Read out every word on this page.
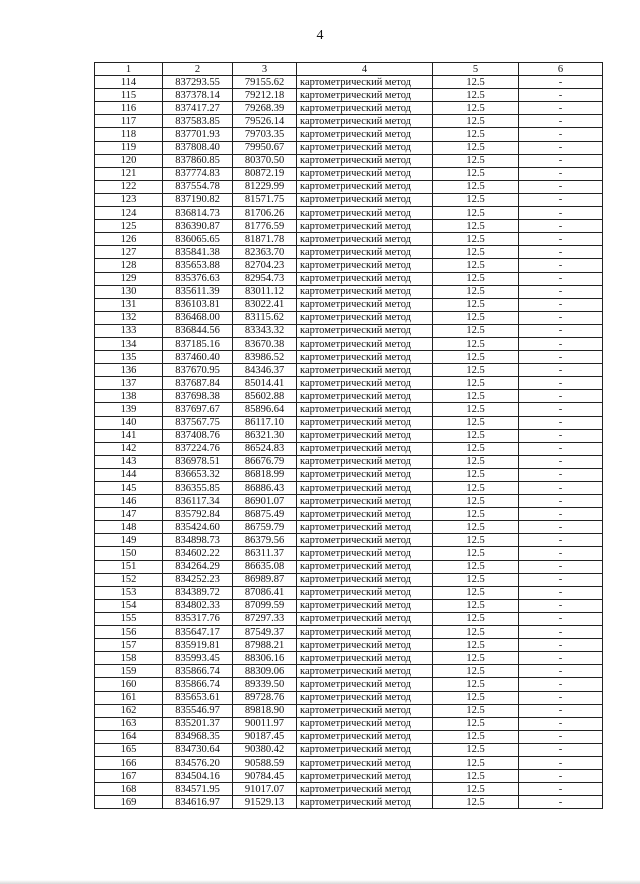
4
1	2	3	4	5	6
114	837293.55	79155.62	картометрический метод	12.5	-
115	837378.14	79212.18	картометрический метод	12.5	-
116	837417.27	79268.39	картометрический метод	12.5	-
117	837583.85	79526.14	картометрический метод	12.5	-
118	837701.93	79703.35	картометрический метод	12.5	-
119	837808.40	79950.67	картометрический метод	12.5	-
120	837860.85	80370.50	картометрический метод	12.5	-
121	837774.83	80872.19	картометрический метод	12.5	-
122	837554.78	81229.99	картометрический метод	12.5	-
123	837190.82	81571.75	картометрический метод	12.5	-
124	836814.73	81706.26	картометрический метод	12.5	-
125	836390.87	81776.59	картометрический метод	12.5	-
126	836065.65	81871.78	картометрический метод	12.5	-
127	835841.38	82363.70	картометрический метод	12.5	-
128	835653.88	82704.23	картометрический метод	12.5	-
129	835376.63	82954.73	картометрический метод	12.5	-
130	835611.39	83011.12	картометрический метод	12.5	-
131	836103.81	83022.41	картометрический метод	12.5	-
132	836468.00	83115.62	картометрический метод	12.5	-
133	836844.56	83343.32	картометрический метод	12.5	-
134	837185.16	83670.38	картометрический метод	12.5	-
135	837460.40	83986.52	картометрический метод	12.5	-
136	837670.95	84346.37	картометрический метод	12.5	-
137	837687.84	85014.41	картометрический метод	12.5	-
138	837698.38	85602.88	картометрический метод	12.5	-
139	837697.67	85896.64	картометрический метод	12.5	-
140	837567.75	86117.10	картометрический метод	12.5	-
141	837408.76	86321.30	картометрический метод	12.5	-
142	837224.76	86524.83	картометрический метод	12.5	-
143	836978.51	86676.79	картометрический метод	12.5	-
144	836653.32	86818.99	картометрический метод	12.5	-
145	836355.85	86886.43	картометрический метод	12.5	-
146	836117.34	86901.07	картометрический метод	12.5	-
147	835792.84	86875.49	картометрический метод	12.5	-
148	835424.60	86759.79	картометрический метод	12.5	-
149	834898.73	86379.56	картометрический метод	12.5	-
150	834602.22	86311.37	картометрический метод	12.5	-
151	834264.29	86635.08	картометрический метод	12.5	-
152	834252.23	86989.87	картометрический метод	12.5	-
153	834389.72	87086.41	картометрический метод	12.5	-
154	834802.33	87099.59	картометрический метод	12.5	-
155	835317.76	87297.33	картометрический метод	12.5	-
156	835647.17	87549.37	картометрический метод	12.5	-
157	835919.81	87988.21	картометрический метод	12.5	-
158	835993.45	88306.16	картометрический метод	12.5	-
159	835866.74	88309.06	картометрический метод	12.5	-
160	835866.74	89339.50	картометрический метод	12.5	-
161	835653.61	89728.76	картометрический метод	12.5	-
162	835546.97	89818.90	картометрический метод	12.5	-
163	835201.37	90011.97	картометрический метод	12.5	-
164	834968.35	90187.45	картометрический метод	12.5	-
165	834730.64	90380.42	картометрический метод	12.5	-
166	834576.20	90588.59	картометрический метод	12.5	-
167	834504.16	90784.45	картометрический метод	12.5	-
168	834571.95	91017.07	картометрический метод	12.5	-
169	834616.97	91529.13	картометрический метод	12.5	-
